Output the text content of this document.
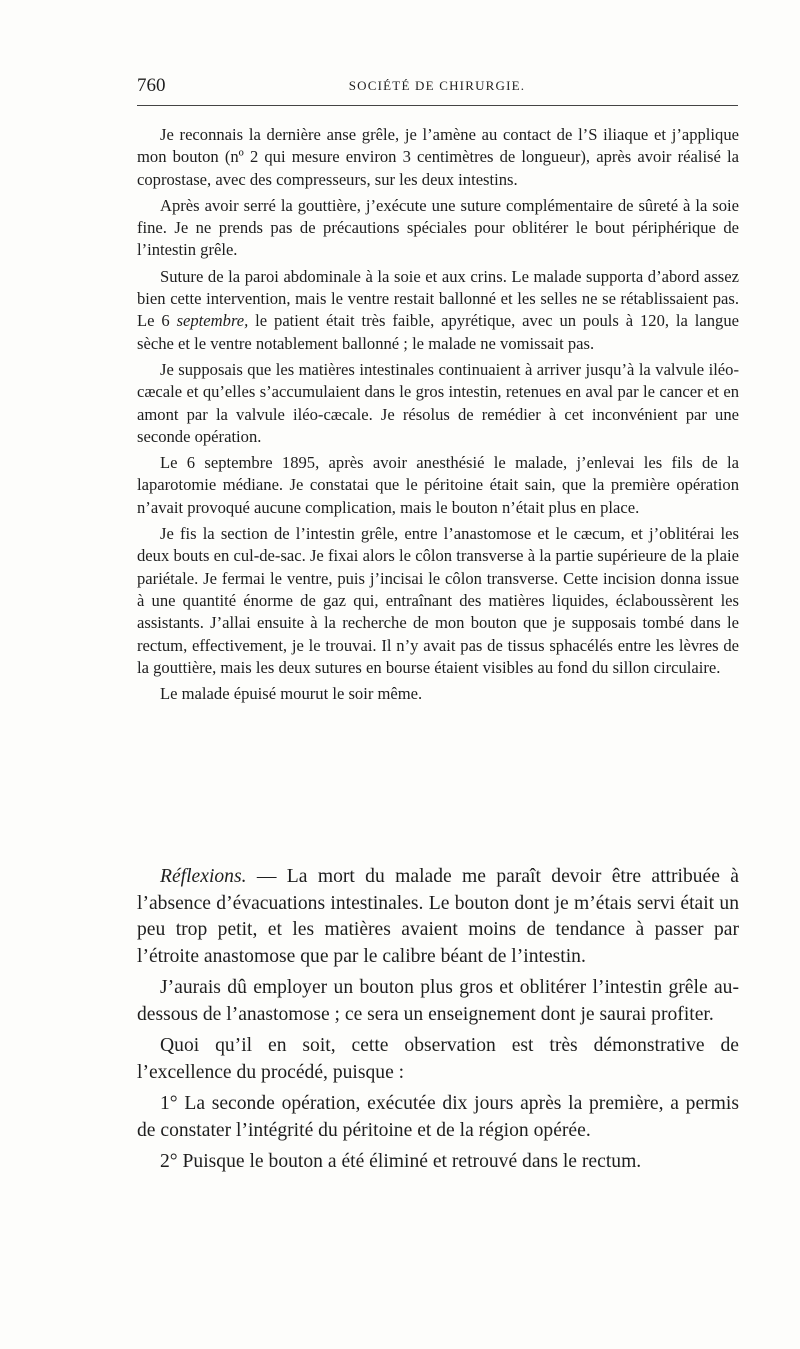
760	SOCIÉTÉ DE CHIRURGIE.

Je reconnais la dernière anse grêle, je l’amène au contact de l’S iliaque et j’applique mon bouton (nº 2 qui mesure environ 3 centimètres de longueur), après avoir réalisé la coprostase, avec des compresseurs, sur les deux intestins.

Après avoir serré la gouttière, j’exécute une suture complémentaire de sûreté à la soie fine. Je ne prends pas de précautions spéciales pour oblitérer le bout périphérique de l’intestin grêle.

Suture de la paroi abdominale à la soie et aux crins. Le malade supporta d’abord assez bien cette intervention, mais le ventre restait ballonné et les selles ne se rétablissaient pas. Le 6 septembre, le patient était très faible, apyrétique, avec un pouls à 120, la langue sèche et le ventre notablement ballonné ; le malade ne vomissait pas.

Je supposais que les matières intestinales continuaient à arriver jusqu’à la valvule iléo-cæcale et qu’elles s’accumulaient dans le gros intestin, retenues en aval par le cancer et en amont par la valvule iléo-cæcale. Je résolus de remédier à cet inconvénient par une seconde opération.

Le 6 septembre 1895, après avoir anesthésié le malade, j’enlevai les fils de la laparotomie médiane. Je constatai que le péritoine était sain, que la première opération n’avait provoqué aucune complication, mais le bouton n’était plus en place.

Je fis la section de l’intestin grêle, entre l’anastomose et le cæcum, et j’oblitérai les deux bouts en cul-de-sac. Je fixai alors le côlon transverse à la partie supérieure de la plaie pariétale. Je fermai le ventre, puis j’incisai le côlon transverse. Cette incision donna issue à une quantité énorme de gaz qui, entraînant des matières liquides, éclaboussèrent les assistants. J’allai ensuite à la recherche de mon bouton que je supposais tombé dans le rectum, effectivement, je le trouvai. Il n’y avait pas de tissus sphacélés entre les lèvres de la gouttière, mais les deux sutures en bourse étaient visibles au fond du sillon circulaire.

Le malade épuisé mourut le soir même.

Réflexions. — La mort du malade me paraît devoir être attribuée à l’absence d’évacuations intestinales. Le bouton dont je m’étais servi était un peu trop petit, et les matières avaient moins de tendance à passer par l’étroite anastomose que par le calibre béant de l’intestin.

J’aurais dû employer un bouton plus gros et oblitérer l’intestin grêle au-dessous de l’anastomose ; ce sera un enseignement dont je saurai profiter.

Quoi qu’il en soit, cette observation est très démonstrative de l’excellence du procédé, puisque :

1° La seconde opération, exécutée dix jours après la première, a permis de constater l’intégrité du péritoine et de la région opérée.

2° Puisque le bouton a été éliminé et retrouvé dans le rectum.
